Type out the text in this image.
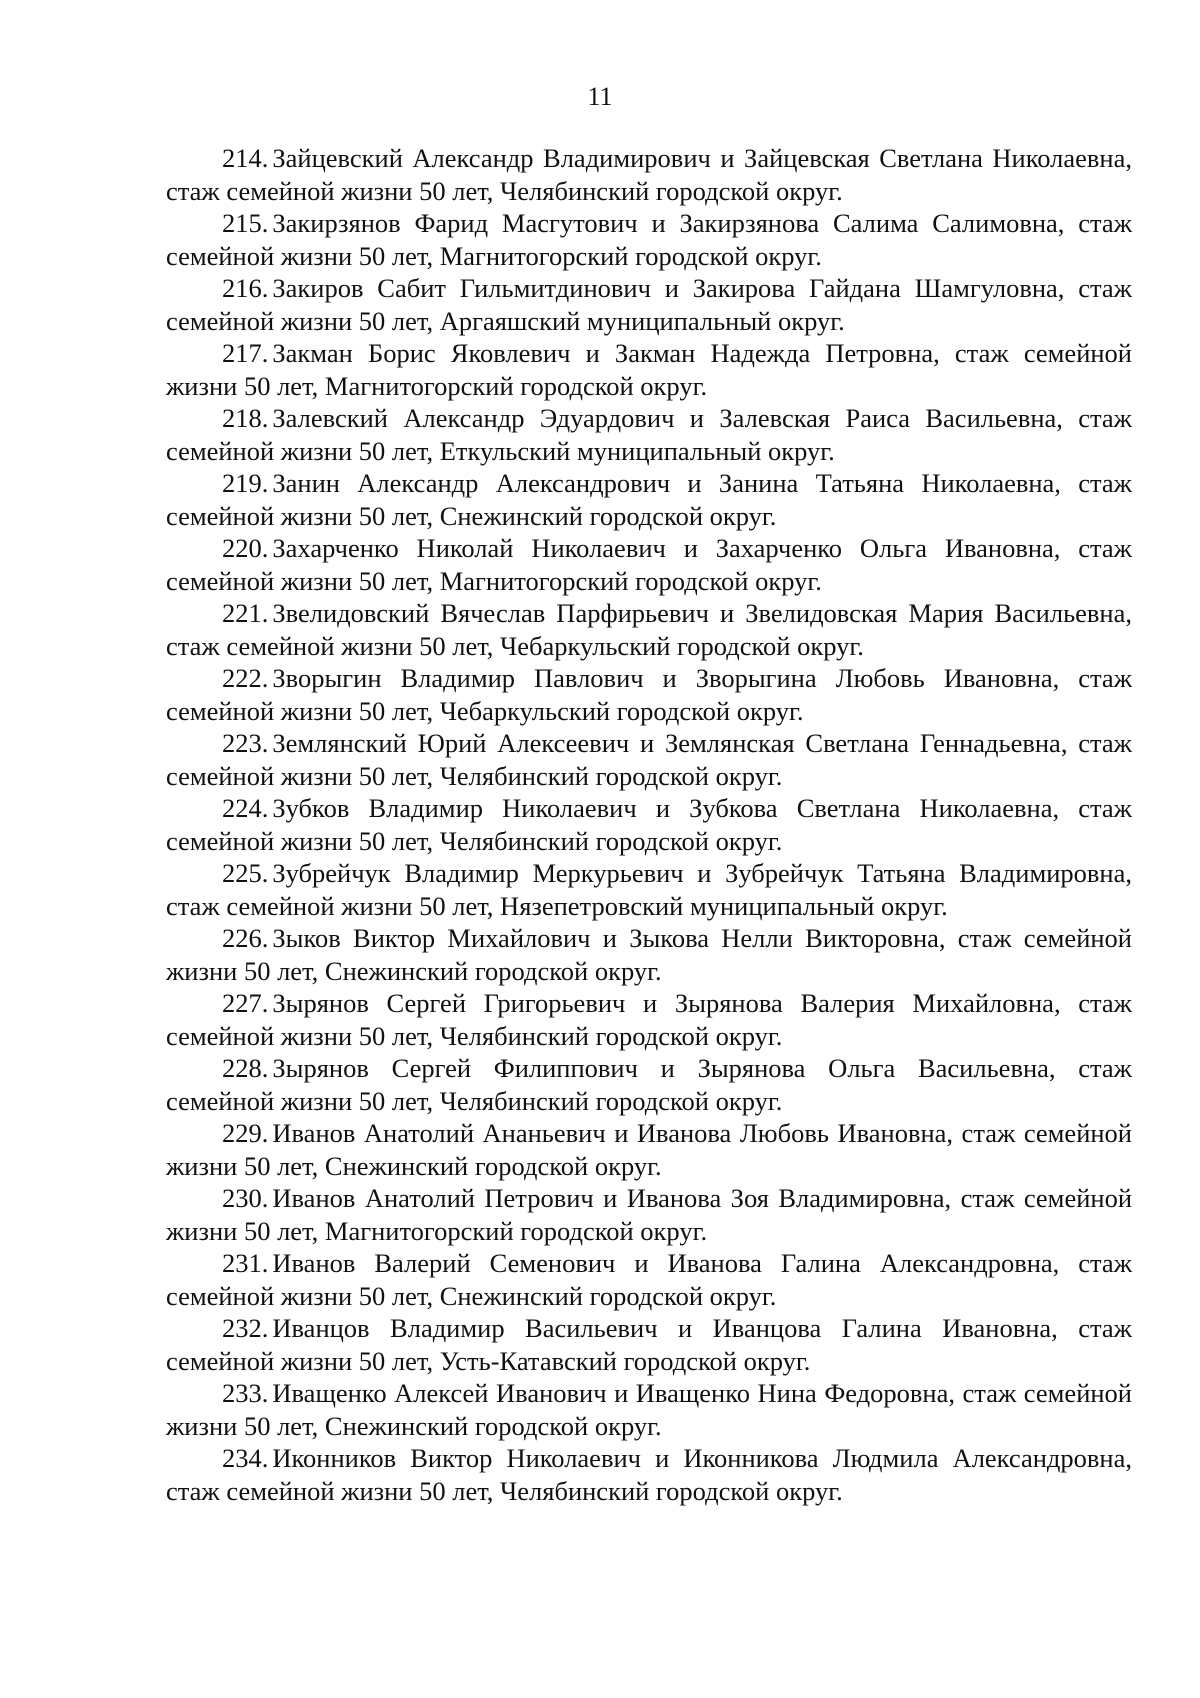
11

214. Зайцевский Александр Владимирович и Зайцевская Светлана Николаевна, стаж семейной жизни 50 лет, Челябинский городской округ.

215. Закирзянов Фарид Масгутович и Закирзянова Салима Салимовна, стаж семейной жизни 50 лет, Магнитогорский городской округ.

216. Закиров Сабит Гильмитдинович и Закирова Гайдана Шамгуловна, стаж семейной жизни 50 лет, Аргаяшский муниципальный округ.

217. Закман Борис Яковлевич и Закман Надежда Петровна, стаж семейной жизни 50 лет, Магнитогорский городской округ.

218. Залевский Александр Эдуардович и Залевская Раиса Васильевна, стаж семейной жизни 50 лет, Еткульский муниципальный округ.

219. Занин Александр Александрович и Занина Татьяна Николаевна, стаж семейной жизни 50 лет, Снежинский городской округ.

220. Захарченко Николай Николаевич и Захарченко Ольга Ивановна, стаж семейной жизни 50 лет, Магнитогорский городской округ.

221. Звелидовский Вячеслав Парфирьевич и Звелидовская Мария Васильевна, стаж семейной жизни 50 лет, Чебаркульский городской округ.

222. Зворыгин Владимир Павлович и Зворыгина Любовь Ивановна, стаж семейной жизни 50 лет, Чебаркульский городской округ.

223. Землянский Юрий Алексеевич и Землянская Светлана Геннадьевна, стаж семейной жизни 50 лет, Челябинский городской округ.

224. Зубков Владимир Николаевич и Зубкова Светлана Николаевна, стаж семейной жизни 50 лет, Челябинский городской округ.

225. Зубрейчук Владимир Меркурьевич и Зубрейчук Татьяна Владимировна, стаж семейной жизни 50 лет, Нязепетровский муниципальный округ.

226. Зыков Виктор Михайлович и Зыкова Нелли Викторовна, стаж семейной жизни 50 лет, Снежинский городской округ.

227. Зырянов Сергей Григорьевич и Зырянова Валерия Михайловна, стаж семейной жизни 50 лет, Челябинский городской округ.

228. Зырянов Сергей Филиппович и Зырянова Ольга Васильевна, стаж семейной жизни 50 лет, Челябинский городской округ.

229. Иванов Анатолий Ананьевич и Иванова Любовь Ивановна, стаж семейной жизни 50 лет, Снежинский городской округ.

230. Иванов Анатолий Петрович и Иванова Зоя Владимировна, стаж семейной жизни 50 лет, Магнитогорский городской округ.

231. Иванов Валерий Семенович и Иванова Галина Александровна, стаж семейной жизни 50 лет, Снежинский городской округ.

232. Иванцов Владимир Васильевич и Иванцова Галина Ивановна, стаж семейной жизни 50 лет, Усть-Катавский городской округ.

233. Иващенко Алексей Иванович и Иващенко Нина Федоровна, стаж семейной жизни 50 лет, Снежинский городской округ.

234. Иконников Виктор Николаевич и Иконникова Людмила Александровна, стаж семейной жизни 50 лет, Челябинский городской округ.
